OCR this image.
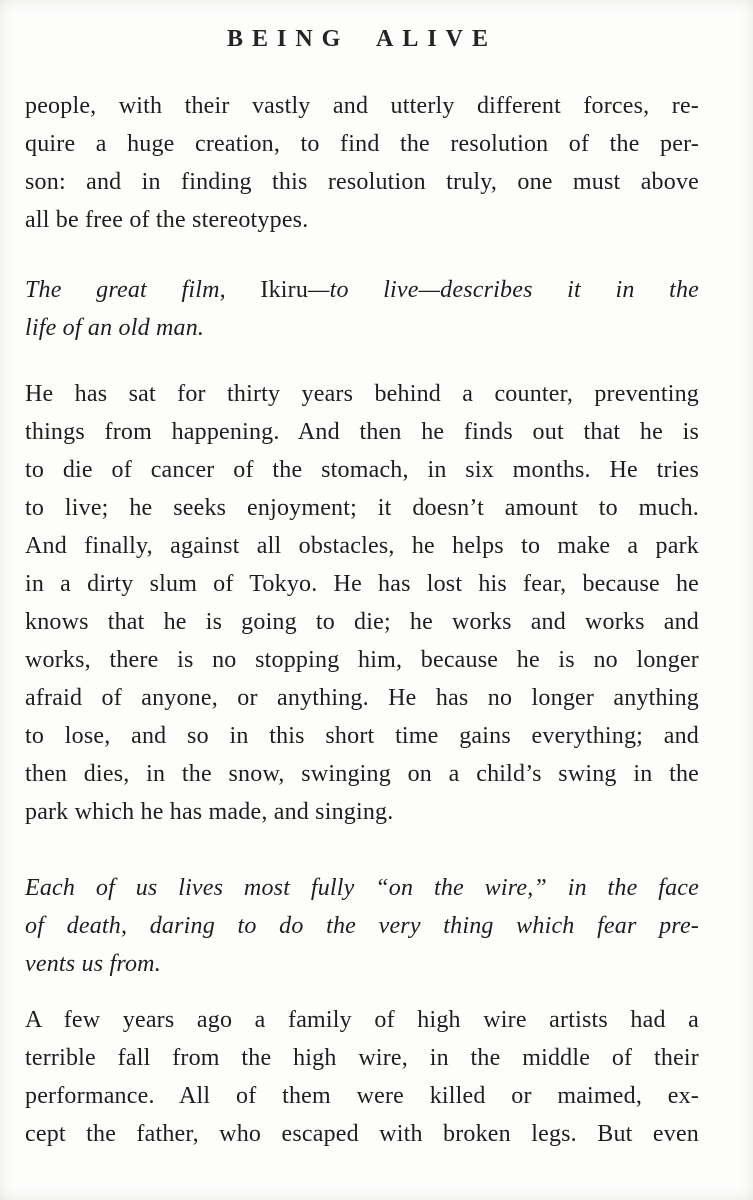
BEING ALIVE
people, with their vastly and utterly different forces, re-
quire a huge creation, to find the resolution of the per-
son: and in finding this resolution truly, one must above
all be free of the stereotypes.
The great film, Ikiru—to live—describes it in the
life of an old man.
He has sat for thirty years behind a counter, preventing
things from happening. And then he finds out that he is
to die of cancer of the stomach, in six months. He tries
to live; he seeks enjoyment; it doesn’t amount to much.
And finally, against all obstacles, he helps to make a park
in a dirty slum of Tokyo. He has lost his fear, because he
knows that he is going to die; he works and works and
works, there is no stopping him, because he is no longer
afraid of anyone, or anything. He has no longer anything
to lose, and so in this short time gains everything; and
then dies, in the snow, swinging on a child’s swing in the
park which he has made, and singing.
Each of us lives most fully “on the wire,” in the face
of death, daring to do the very thing which fear pre-
vents us from.
A few years ago a family of high wire artists had a
terrible fall from the high wire, in the middle of their
performance. All of them were killed or maimed, ex-
cept the father, who escaped with broken legs. But even
